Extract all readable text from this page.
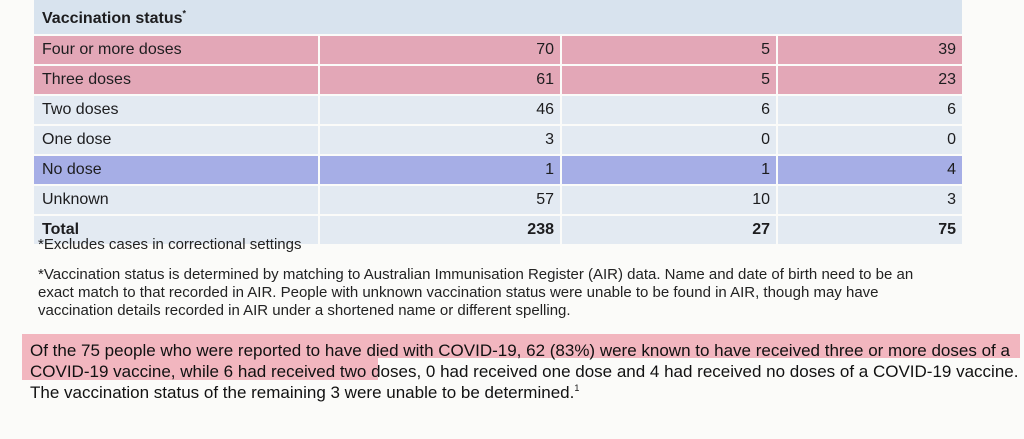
Vaccination status*
Four or more doses	70	5	39
Three doses	61	5	23
Two doses	46	6	6
One dose	3	0	0
No dose	1	1	4
Unknown	57	10	3
Total	238	27	75
*Excludes cases in correctional settings
*Vaccination status is determined by matching to Australian Immunisation Register (AIR) data. Name and date of birth need to be an exact match to that recorded in AIR. People with unknown vaccination status were unable to be found in AIR, though may have vaccination details recorded in AIR under a shortened name or different spelling.
Of the 75 people who were reported to have died with COVID-19, 62 (83%) were known to have received three or more doses of a COVID-19 vaccine, while 6 had received two doses, 0 had received one dose and 4 had received no doses of a COVID-19 vaccine. The vaccination status of the remaining 3 were unable to be determined.$^1$
